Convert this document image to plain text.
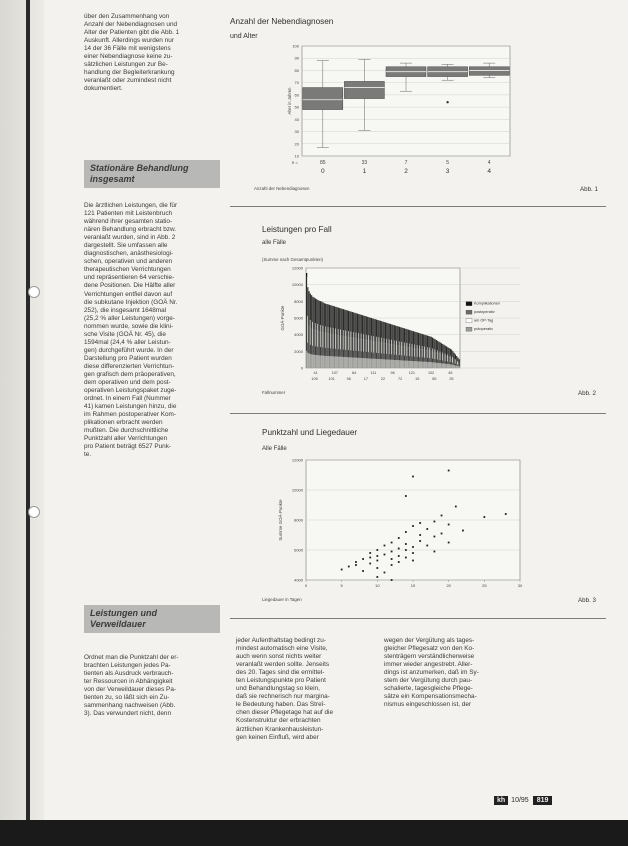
über den Zusammenhang von

Anzahl der Nebendiagnosen und

Alter der Patienten gibt die Abb. 1

Auskunft. Allerdings wurden nur

14 der 36 Fälle mit wenigstens

einer Nebendiagnose keine zu-

sätzlichen Leistungen zur Be-

handlung der Begleiterkrankung

veranlaßt oder zumindest nicht

dokumentiert.

Stationäre Behandlung insgesamt

Die ärztlichen Leistungen, die für

121 Patienten mit Leistenbruch

während ihrer gesamten statio-

nären Behandlung erbracht bzw.

veranlaßt wurden, sind in Abb. 2

dargestellt. Sie umfassen alle

diagnostischen, anästhesiologi-

schen, operativen und anderen

therapeutischen Verrichtungen

und repräsentieren 64 verschie-

dene Positionen. Die Hälfte aller

Verrichtungen entfiel davon auf

die subkutane Injektion (GOÄ Nr.

252), die insgesamt 1648mal

(25,2 % aller Leistungen) vorge-

nommen wurde, sowie die klini-

sche Visite (GOÄ Nr. 45), die

1594mal (24,4 % aller Leistun-

gen) durchgeführt wurde. In der

Darstellung pro Patient wurden

diese differenzierten Verrichtun-

gen grafisch dem präoperativen,

dem operativen und dem post-

operativen Leistungspaket zuge-

ordnet. In einem Fall (Nummer

41) kamen Leistungen hinzu, die

im Rahmen postoperativer Kom-

plikationen erbracht werden

mußten. Die durchschnittliche

Punktzahl aller Verrichtungen

pro Patient beträgt 6527 Punk-

te.

Leistungen und Verweildauer

Ordnet man die Punktzahl der er-

brachten Leistungen jedes Pa-

tienten als Ausdruck verbrauch-

ter Ressourcen in Abhängigkeit

von der Verweildauer dieses Pa-

tienten zu, so läßt sich ein Zu-

sammenhang nachweisen (Abb.

3). Das verwundert nicht, denn

jeder Aufenthaltstag bedingt zu-

mindest automatisch eine Visite,

auch wenn sonst nichts weiter

veranlaßt werden sollte. Jenseits

des 20. Tages sind die ermittel-

ten Leistungspunkte pro Patient

und Behandlungstag so klein,

daß sie rechnerisch nur margina-

le Bedeutung haben. Das Streî-

chen dieser Pflegetage hat auf die

Kostenstruktur der erbrachten

ärztlichen Krankenhausleistun-

gen keinen Einfluß, wird aber

wegen der Vergütung als tages-

gleicher Pflegesatz von den Ko-

stenträgern verständlicherweise

immer wieder angestrebt. Aller-

dings ist anzumerken, daß im Sy-

stem der Vergütung durch pau-

schalierte, tagesgleiche Pflege-

sätze ein Kompensationsmecha-

nismus eingeschlossen ist, der

Anzahl der Nebendiagnosen
und Alter
10
20
30
40
50
60
70
80
90
100
Alter in Jahren
85
0
33
1
7
2
5
3
4
4
n =
Anzahl der Nebendiagnosen	Abb. 1
Leistungen pro Fall
alle Fälle
(Summe nach Gesamtpunkten)
0
2000
4000
6000
8000
10000
12000
GOÄ-Punkte
41	107	84	111	96	121	102	45
105	101	96	17	22	72	15	85	25
Komplikationen
postoperativ
am OP-Tag
präoperativ
Fallnummer	Abb. 2
Punktzahl und Liegedauer
Alle Fälle
4000
6000
8000
10000
12000
0	5	10	15	20	25	30
Summe GOÄ-Punkte
Liegedauer in Tagen	Abb. 3
kh 10/95	819
